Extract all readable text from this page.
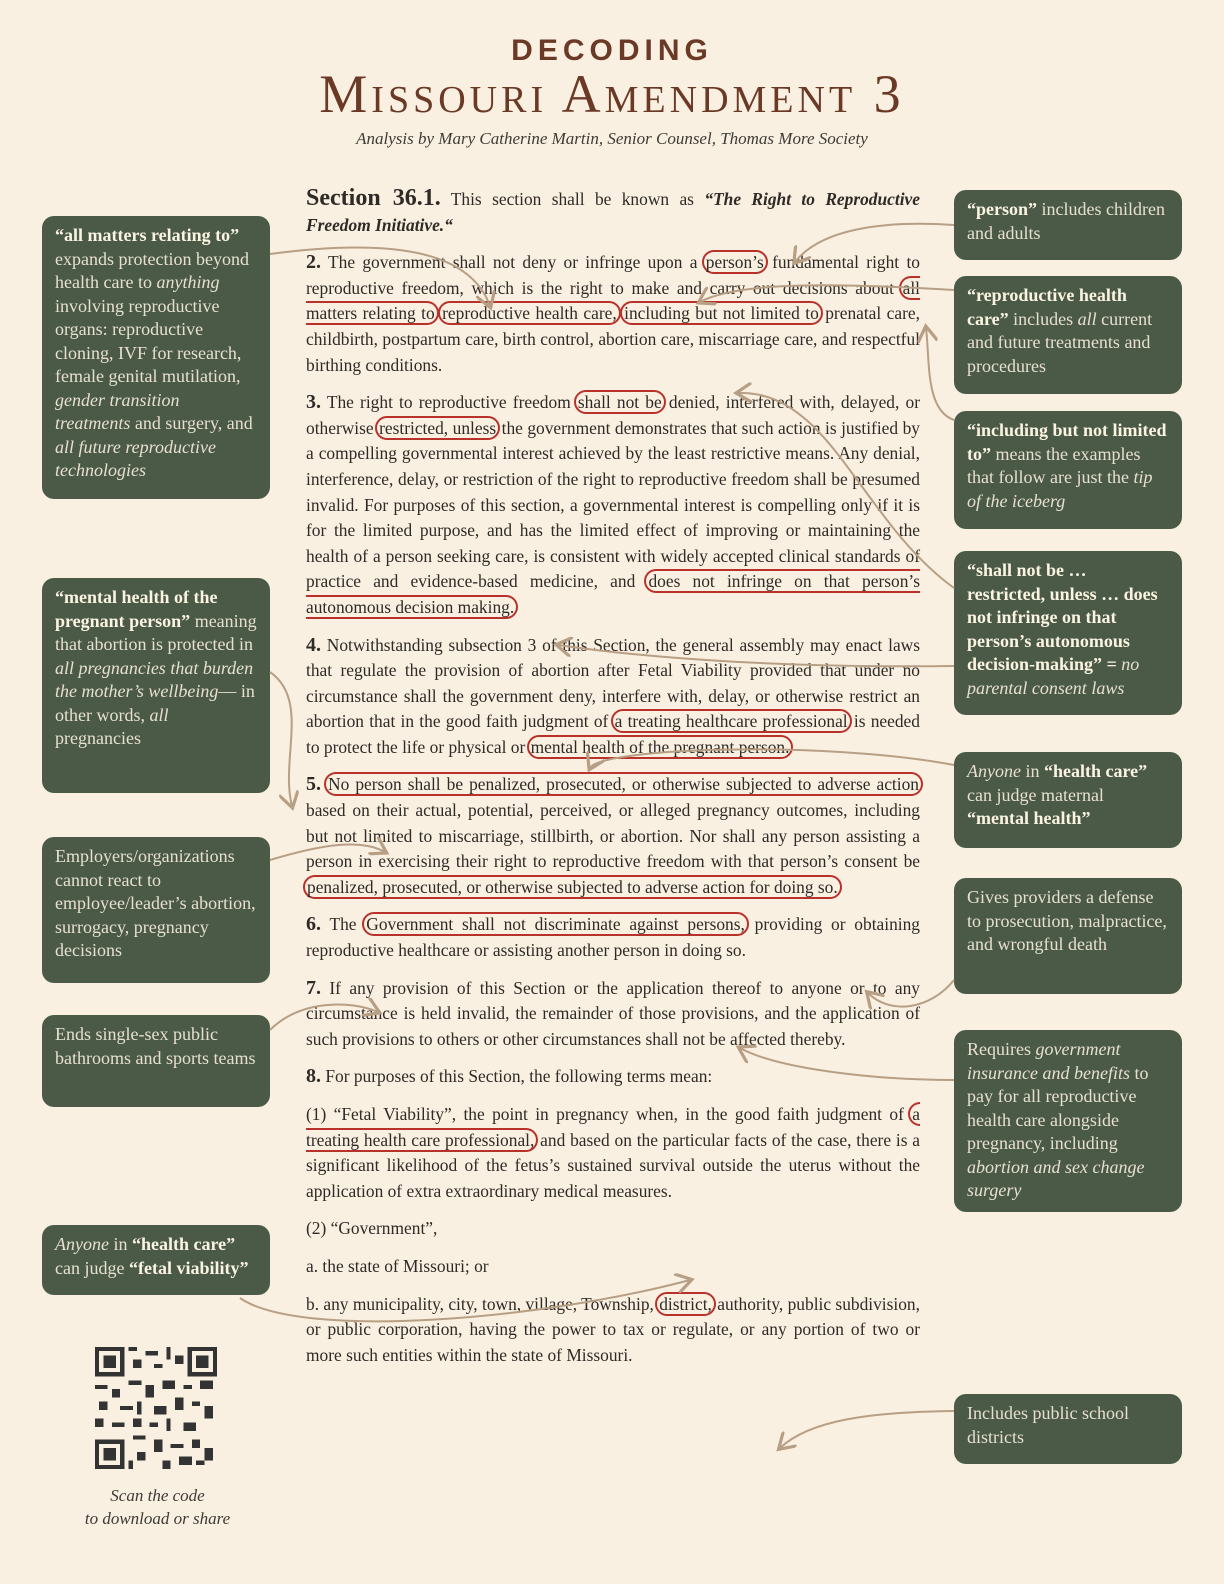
DECODING
Missouri Amendment 3
Analysis by Mary Catherine Martin, Senior Counsel, Thomas More Society

Section 36.1. This section shall be known as “The Right to Reproductive Freedom Initiative.“

2. The government shall not deny or infringe upon a person’s fundamental right to reproductive freedom, which is the right to make and carry out decisions about all matters relating to reproductive health care, including but not limited to prenatal care, childbirth, postpartum care, birth control, abortion care, miscarriage care, and respectful birthing conditions.

3. The right to reproductive freedom shall not be denied, interfered with, delayed, or otherwise restricted, unless the government demonstrates that such action is justified by a compelling governmental interest achieved by the least restrictive means. Any denial, interference, delay, or restriction of the right to reproductive freedom shall be presumed invalid. For purposes of this section, a governmental interest is compelling only if it is for the limited purpose, and has the limited effect of improving or maintaining the health of a person seeking care, is consistent with widely accepted clinical standards of practice and evidence-based medicine, and does not infringe on that person’s autonomous decision making.

4. Notwithstanding subsection 3 of this Section, the general assembly may enact laws that regulate the provision of abortion after Fetal Viability provided that under no circumstance shall the government deny, interfere with, delay, or otherwise restrict an abortion that in the good faith judgment of a treating healthcare professional is needed to protect the life or physical or mental health of the pregnant person.

5. No person shall be penalized, prosecuted, or otherwise subjected to adverse action based on their actual, potential, perceived, or alleged pregnancy outcomes, including but not limited to miscarriage, stillbirth, or abortion. Nor shall any person assisting a person in exercising their right to reproductive freedom with that person’s consent be penalized, prosecuted, or otherwise subjected to adverse action for doing so.

6. The Government shall not discriminate against persons, providing or obtaining reproductive healthcare or assisting another person in doing so.

7. If any provision of this Section or the application thereof to anyone or to any circumstance is held invalid, the remainder of those provisions, and the application of such provisions to others or other circumstances shall not be affected thereby.

8. For purposes of this Section, the following terms mean:

(1) “Fetal Viability”, the point in pregnancy when, in the good faith judgment of a treating health care professional, and based on the particular facts of the case, there is a significant likelihood of the fetus’s sustained survival outside the uterus without the application of extra extraordinary medical measures.

(2) “Government”,

a. the state of Missouri; or

b. any municipality, city, town, village, Township, district, authority, public subdivision, or public corporation, having the power to tax or regulate, or any portion of two or more such entities within the state of Missouri.

“all matters relating to” expands protection beyond health care to anything involving reproductive organs: reproductive cloning, IVF for research, female genital mutilation, gender transition treatments and surgery, and all future reproductive technologies
“mental health of the pregnant person” meaning that abortion is protected in all pregnancies that burden the mother’s wellbeing— in other words, all pregnancies
Employers/organizations cannot react to employee/leader’s abortion, surrogacy, pregnancy decisions
Ends single-sex public bathrooms and sports teams
Anyone in “health care” can judge “fetal viability”
“person” includes children and adults
“reproductive health care” includes all current and future treatments and procedures
“including but not limited to” means the examples that follow are just the tip of the iceberg
“shall not be … restricted, unless … does not infringe on that person’s autonomous decision-making” = no parental consent laws
Anyone in “health care” can judge maternal “mental health”
Gives providers a defense to prosecution, malpractice, and wrongful death
Requires government insurance and benefits to pay for all reproductive health care alongside pregnancy, including abortion and sex change surgery
Includes public school districts
Scan the code
to download or share
